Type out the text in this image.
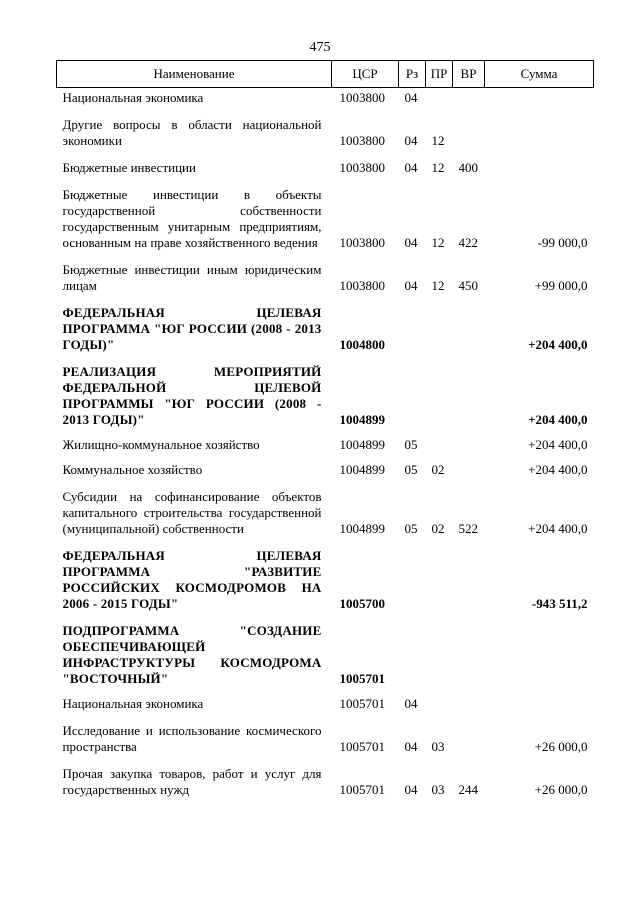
475
Наименование	ЦСР	Рз	ПР	ВР	Сумма
Национальная экономика	1003800	04			
Другие вопросы в области национальной экономики	1003800	04	12		
Бюджетные инвестиции	1003800	04	12	400	
Бюджетные инвестиции в объекты государственной собственности государственным унитарным предприятиям, основанным на праве хозяйственного ведения	1003800	04	12	422	-99 000,0
Бюджетные инвестиции иным юридическим лицам	1003800	04	12	450	+99 000,0
ФЕДЕРАЛЬНАЯ ЦЕЛЕВАЯ ПРОГРАММА "ЮГ РОССИИ (2008 - 2013 ГОДЫ)"	1004800				+204 400,0
РЕАЛИЗАЦИЯ МЕРОПРИЯТИЙ ФЕДЕРАЛЬНОЙ ЦЕЛЕВОЙ ПРОГРАММЫ "ЮГ РОССИИ (2008 - 2013 ГОДЫ)"	1004899				+204 400,0
Жилищно-коммунальное хозяйство	1004899	05			+204 400,0
Коммунальное хозяйство	1004899	05	02		+204 400,0
Субсидии на софинансирование объектов капитального строительства государственной (муниципальной) собственности	1004899	05	02	522	+204 400,0
ФЕДЕРАЛЬНАЯ ЦЕЛЕВАЯ ПРОГРАММА "РАЗВИТИЕ РОССИЙСКИХ КОСМОДРОМОВ НА 2006 - 2015 ГОДЫ"	1005700				-943 511,2
ПОДПРОГРАММА "СОЗДАНИЕ ОБЕСПЕЧИВАЮЩЕЙ ИНФРАСТРУКТУРЫ КОСМОДРОМА "ВОСТОЧНЫЙ"	1005701				
Национальная экономика	1005701	04			
Исследование и использование космического пространства	1005701	04	03		+26 000,0
Прочая закупка товаров, работ и услуг для государственных нужд	1005701	04	03	244	+26 000,0
